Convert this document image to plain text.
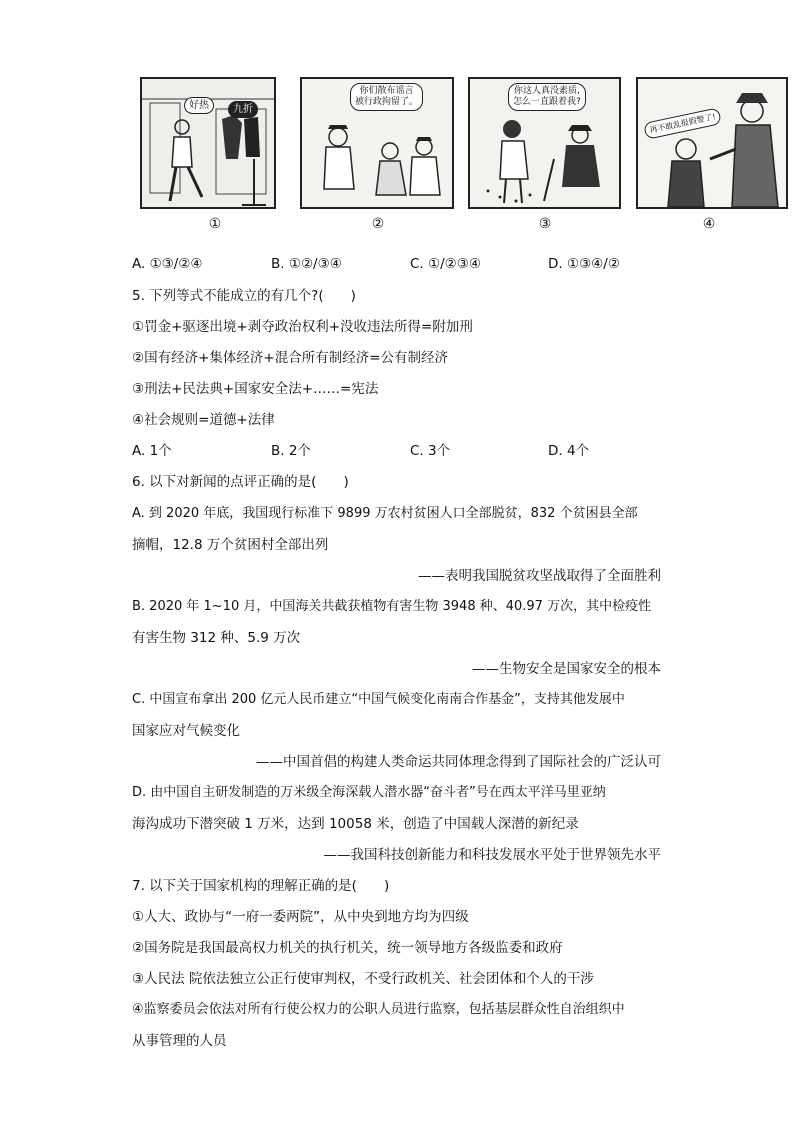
好热	九折
你们散布谣言
被行政拘留了。
你这人真没素质,
怎么一直跟着我?
再不敢乱报假警了!
①	②	③	④
A. ①③/②④	B. ①②/③④	C. ①/②③④	D. ①③④/②
5. 下列等式不能成立的有几个?(　　)
①罚金+驱逐出境+剥夺政治权利+没收违法所得=附加刑
②国有经济+集体经济+混合所有制经济=公有制经济
③刑法+民法典+国家安全法+……=宪法
④社会规则=道德+法律
A. 1个	B. 2个	C. 3个	D. 4个
6. 以下对新闻的点评正确的是(　　)
A. 到 2020 年底，我国现行标准下 9899 万农村贫困人口全部脱贫，832 个贫困县全部
摘帽，12.8 万个贫困村全部出列
——表明我国脱贫攻坚战取得了全面胜利
B. 2020 年 1~10 月，中国海关共截获植物有害生物 3948 种、40.97 万次，其中检疫性
有害生物 312 种、5.9 万次
——生物安全是国家安全的根本
C. 中国宣布拿出 200 亿元人民币建立“中国气候变化南南合作基金”，支持其他发展中
国家应对气候变化
——中国首倡的构建人类命运共同体理念得到了国际社会的广泛认可
D. 由中国自主研发制造的万米级全海深载人潜水器“奋斗者”号在西太平洋马里亚纳
海沟成功下潜突破 1 万米，达到 10058 米，创造了中国载人深潜的新纪录
——我国科技创新能力和科技发展水平处于世界领先水平
7. 以下关于国家机构的理解正确的是(　　)
①人大、政协与“一府一委两院”，从中央到地方均为四级
②国务院是我国最高权力机关的执行机关，统一领导地方各级监委和政府
③人民法 院依法独立公正行使审判权，不受行政机关、社会团体和个人的干涉
④监察委员会依法对所有行使公权力的公职人员进行监察，包括基层群众性自治组织中
从事管理的人员
